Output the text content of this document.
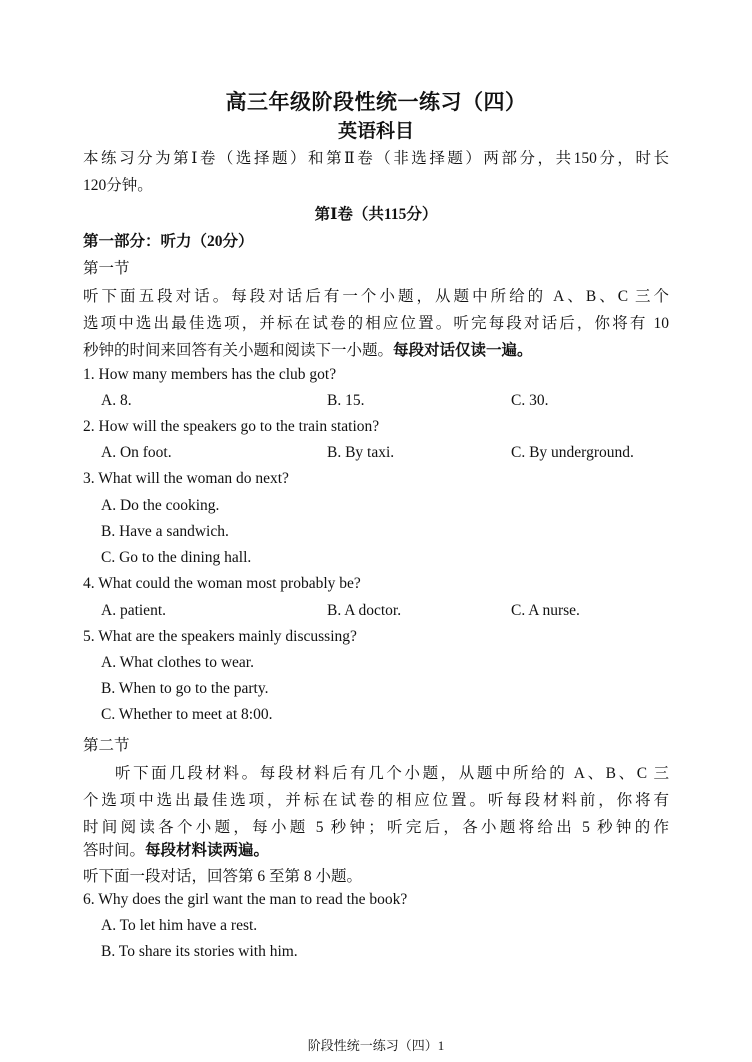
高三年级阶段性统一练习（四）
英语科目
本练习分为第Ⅰ卷（选择题）和第Ⅱ卷（非选择题）两部分，共150分，时长
120分钟。
第Ⅰ卷（共115分）
第一部分：听力（20分）
第一节
听下面五段对话。每段对话后有一个小题，从题中所给的 A、B、C 三个
选项中选出最佳选项，并标在试卷的相应位置。听完每段对话后，你将有 10
秒钟的时间来回答有关小题和阅读下一小题。每段对话仅读一遍。
1. How many members has the club got?
A. 8.	B. 15.	C. 30.
2. How will the speakers go to the train station?
A. On foot.	B. By taxi.	C. By underground.
3. What will the woman do next?
A. Do the cooking.
B. Have a sandwich.
C. Go to the dining hall.
4. What could the woman most probably be?
A. patient.	B. A doctor.	C. A nurse.
5. What are the speakers mainly discussing?
A. What clothes to wear.
B. When to go to the party.
C. Whether to meet at 8:00.
第二节
听下面几段材料。每段材料后有几个小题，从题中所给的 A、B、C 三
个选项中选出最佳选项，并标在试卷的相应位置。听每段材料前，你将有
时间阅读各个小题，每小题 5 秒钟；听完后，各小题将给出 5 秒钟的作
答时间。每段材料读两遍。
听下面一段对话，回答第 6 至第 8 小题。
6. Why does the girl want the man to read the book?
A. To let him have a rest.
B. To share its stories with him.
阶段性统一练习（四）1
